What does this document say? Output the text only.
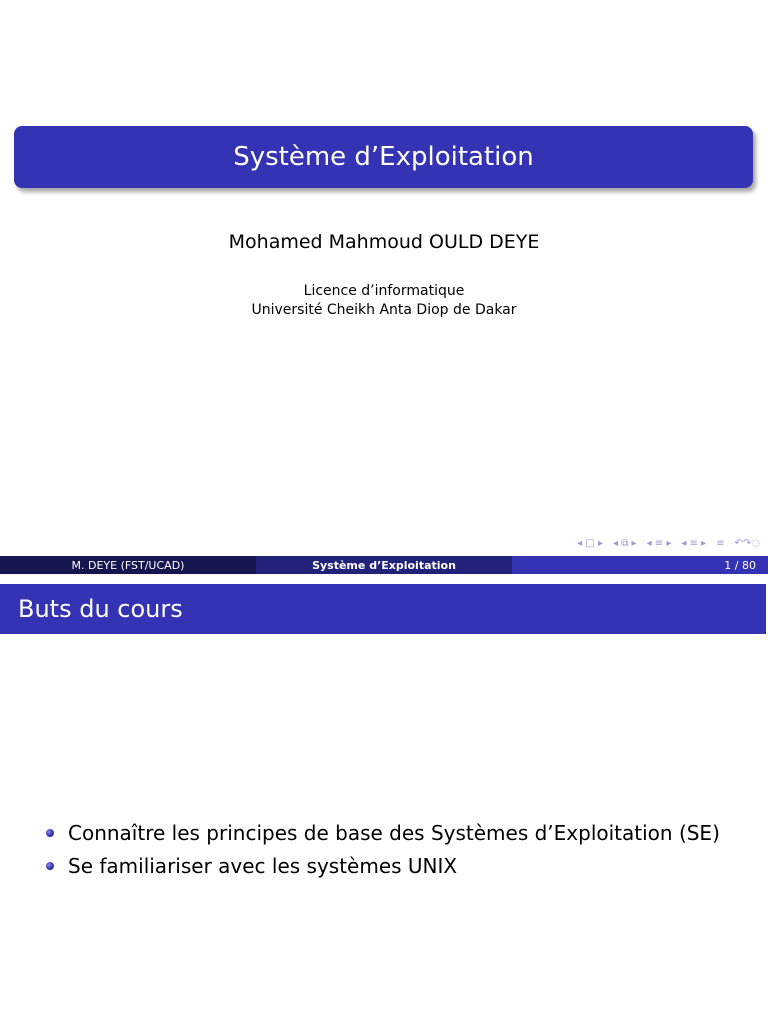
Système d’Exploitation
Mohamed Mahmoud OULD DEYE
Licence d’informatique
Université Cheikh Anta Diop de Dakar
◂ □ ▸ ◂ ⧉ ▸ ◂ ≡ ▸ ◂ ≡ ▸ ≡ ↶↷◌
M. DEYE (FST/UCAD)	Système d’Exploitation	1 / 80
Buts du cours
Connaître les principes de base des Systèmes d’Exploitation (SE)
Se familiariser avec les systèmes UNIX
